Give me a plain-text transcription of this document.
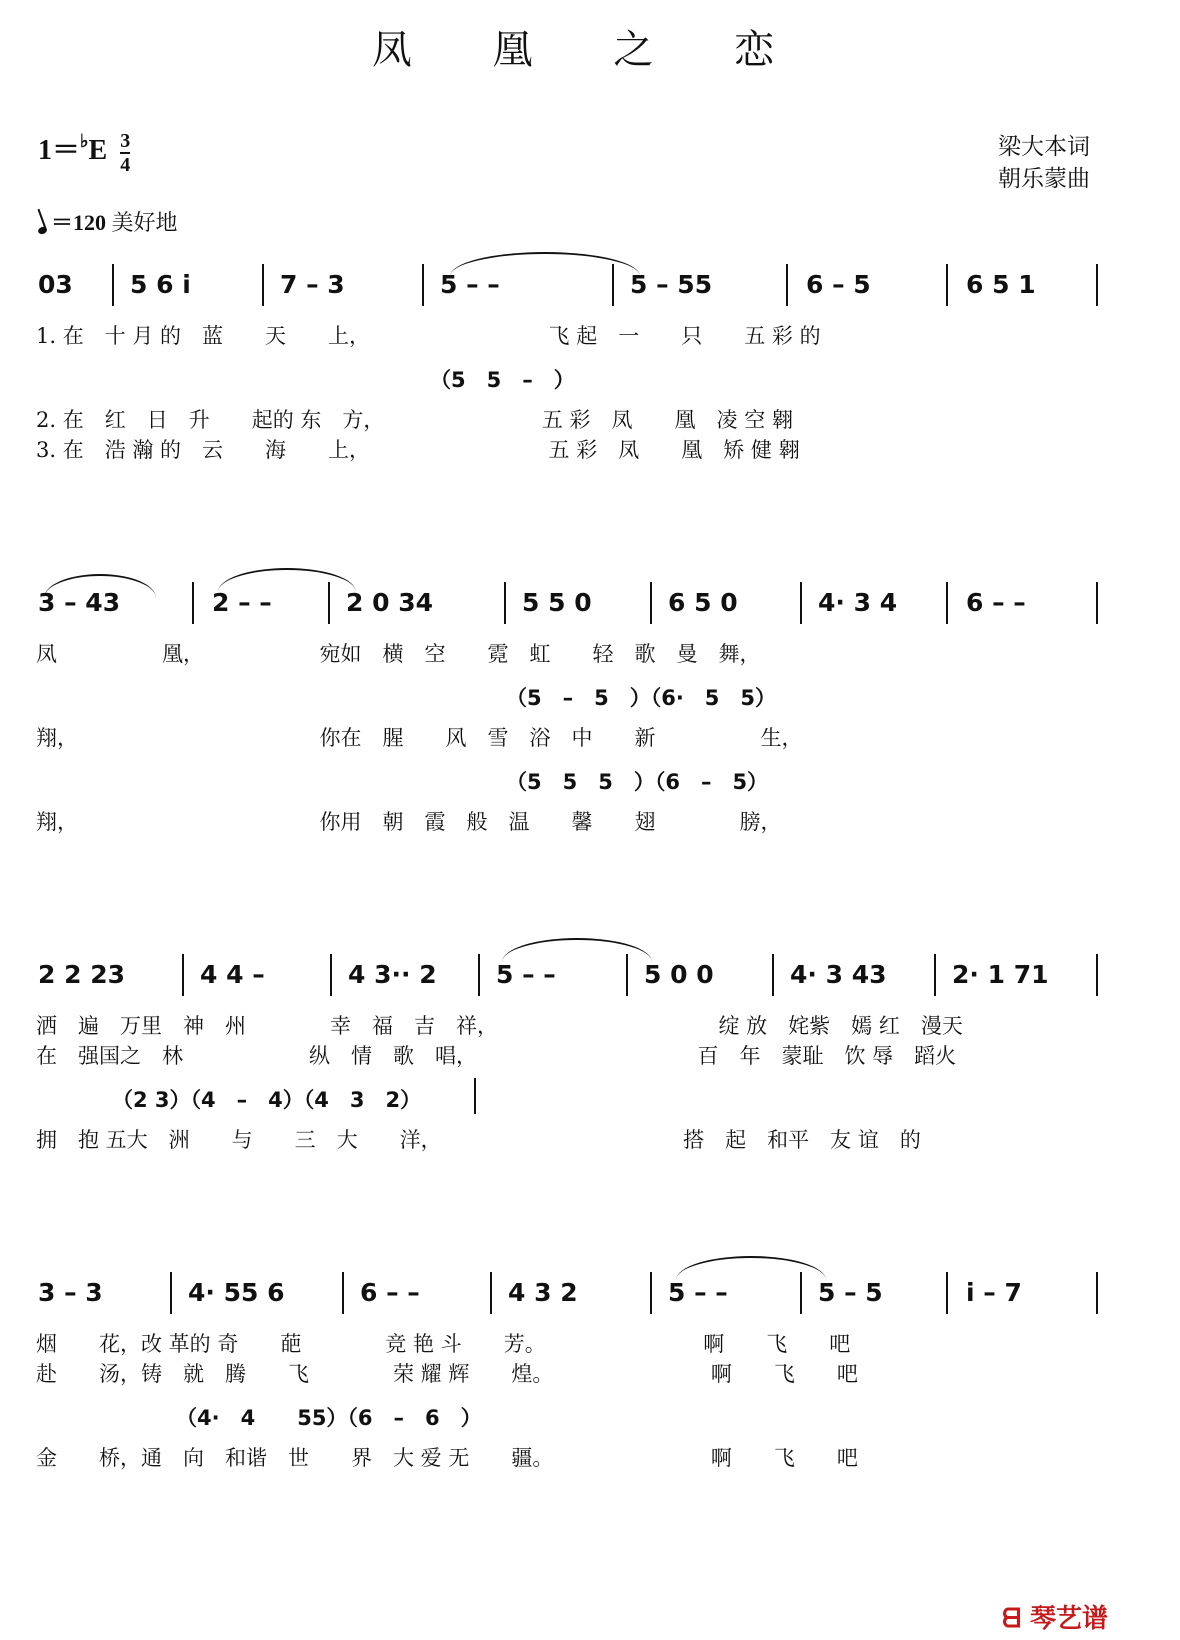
凤 凰 之 恋
$1=^♭E \frac{3}{4}$	梁大本词
朝乐蒙曲
＝120 美好地
03 5 6 i	7 – 3	5 – –	5 – 55	6 – 5	6 5 1
1. 在　十 月 的　蓝　　天　　上，　　　　　　　　　飞 起　一　　只　　五 彩 的
（5　5　–　）
2. 在　红　日　升　　起的 东　方，　　　　　　　　五 彩　凤　　凰　凌 空 翱
3. 在　浩 瀚 的　云　　海　　上，　　　　　　　　　五 彩　凤　　凰　矫 健 翱
3 – 43	2 – –	2 0 34	5 5 0	6 5 0	4· 3 4	6 – –
凤　　　　　凰，　　　　　　宛如　横　空　　霓　虹　　轻　歌　曼　舞，
（5　–　5　）（6·　5　5）
翔，　　　　　　　　　　　　你在　腥　　风　雪　浴　中　　新　　　　　生，
（5　5　5　）（6　–　5）
翔，　　　　　　　　　　　　你用　朝　霞　般　温　　馨　　翅　　　　膀，
2 2 23	4 4 –	4 3·· 2 5 – –	5 0 0	4· 3 43	2· 1 71
洒　遍　万里　神　州　　　　幸　福　吉　祥，　　　　　　　　　　　绽 放　姹紫　嫣 红　漫天
在　强国之　林　　　　　　纵　情　歌　唱，　　　　　　　　　　　百　年　蒙耻　饮 辱　蹈火
（2 3）（4　–　4）（4　3　2）
拥　抱 五大　洲　　与　　三　大　　洋，　　　　　　　　　　　　搭　起　和平　友 谊　的
3 – 3	4· 55 6	6 – –	4 3 2	5 – –	5 – 5	i – 7
烟　　花，改 革的 奇　　葩　　　　竞 艳 斗　　芳。　　　　　　　　啊　　飞　　吧
赴　　汤，铸　就　腾　　飞　　　　荣 耀 辉　　煌。　　　　　　　　啊　　飞　　吧
（4·　4　　55）（6　–　6　）
金　　桥，通　向　和谐　世　　界　大 爱 无　　疆。　　　　　　　　啊　　飞　　吧
ᗺ 琴艺谱
